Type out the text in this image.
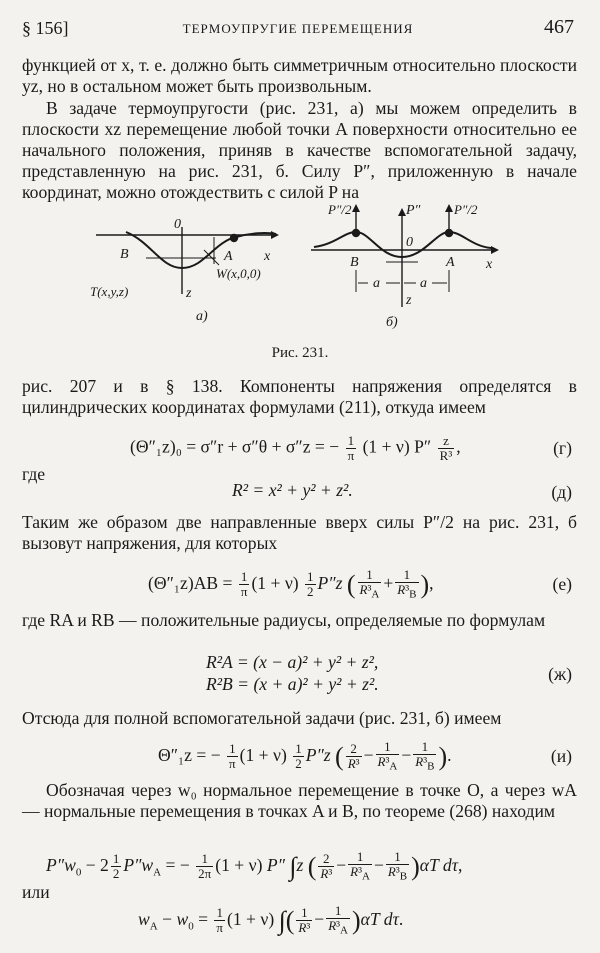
§ 156]	ТЕРМОУПРУГИЕ ПЕРЕМЕЩЕНИЯ	467
функцией от x, т. е. должно быть симметричным относительно плоскости yz, но в остальном может быть произвольным.
В задаче термоупругости (рис. 231, а) мы можем определить в плоскости xz перемещение любой точки A поверхности относительно ее начального положения, приняв в качестве вспомогательной задачу, представленную на рис. 231, б. Силу P″, приложенную в начале координат, можно отождествить с силой P на
B
0
A x
z
W(x,0,0)
T(x,y,z)
а)
P″/2	P″	P″/2
0
B	A x
z
a	a
б)
Рис. 231.
рис. 207 и в § 138. Компоненты напряжения определятся в цилиндрических координатах формулами (211), откуда имеем
(Θ″₁z)₀ = σ″r + σ″θ + σ″z = − $\frac{1}{\pi} (1 + \nu)$ $P'' \frac{z}{\text{R³}}$ ,	(г)
где
R² = x² + y² + z².	(д)
Таким же образом две направленные вверх силы P″/2 на рис. 231, б вызовут напряжения, для которых
$(\Theta''_1z)AB = \frac{1}{\pi} (1 + \nu) \frac{1}{2} P''z$ ( $\frac{1}{R^3_A} + \frac{1}{R^3_B}$ ),	(е)
где RA и RB — положительные радиусы, определяемые по формулам
R²A = (x − a)² + y² + z²,
R²B = (x + a)² + y² + z².	(ж)
Отсюда для полной вспомогательной задачи (рис. 231, б) имеем
Θ″₁z = − $\frac{1}{\pi} (1 + \nu) \frac{1}{2} P''z$ ( $\frac{2}{\text{R³}} - \frac{1}{R^3_A} - \frac{1}{R^3_B}$ ).	(и)
Обозначая через w₀ нормальное перемещение в точке O, а через wA — нормальные перемещения в точках A и B, по теореме (268) находим
$P''w_0 - 2 \frac{1}{2} P''w_A$ = − $\frac{1}{2\pi} (1 + \nu)$ P″ ∫z ( $\frac{2}{\text{R³}} - \frac{1}{R^3_A} - \frac{1}{R^3_B} )\alpha T$ dτ,
или
$w_A - w_0 = \frac{1}{\pi} (1 + \nu)$ ∫( $\frac{1}{\text{R³}} - \frac{1}{R^3_A} )\alpha T$ dτ.
